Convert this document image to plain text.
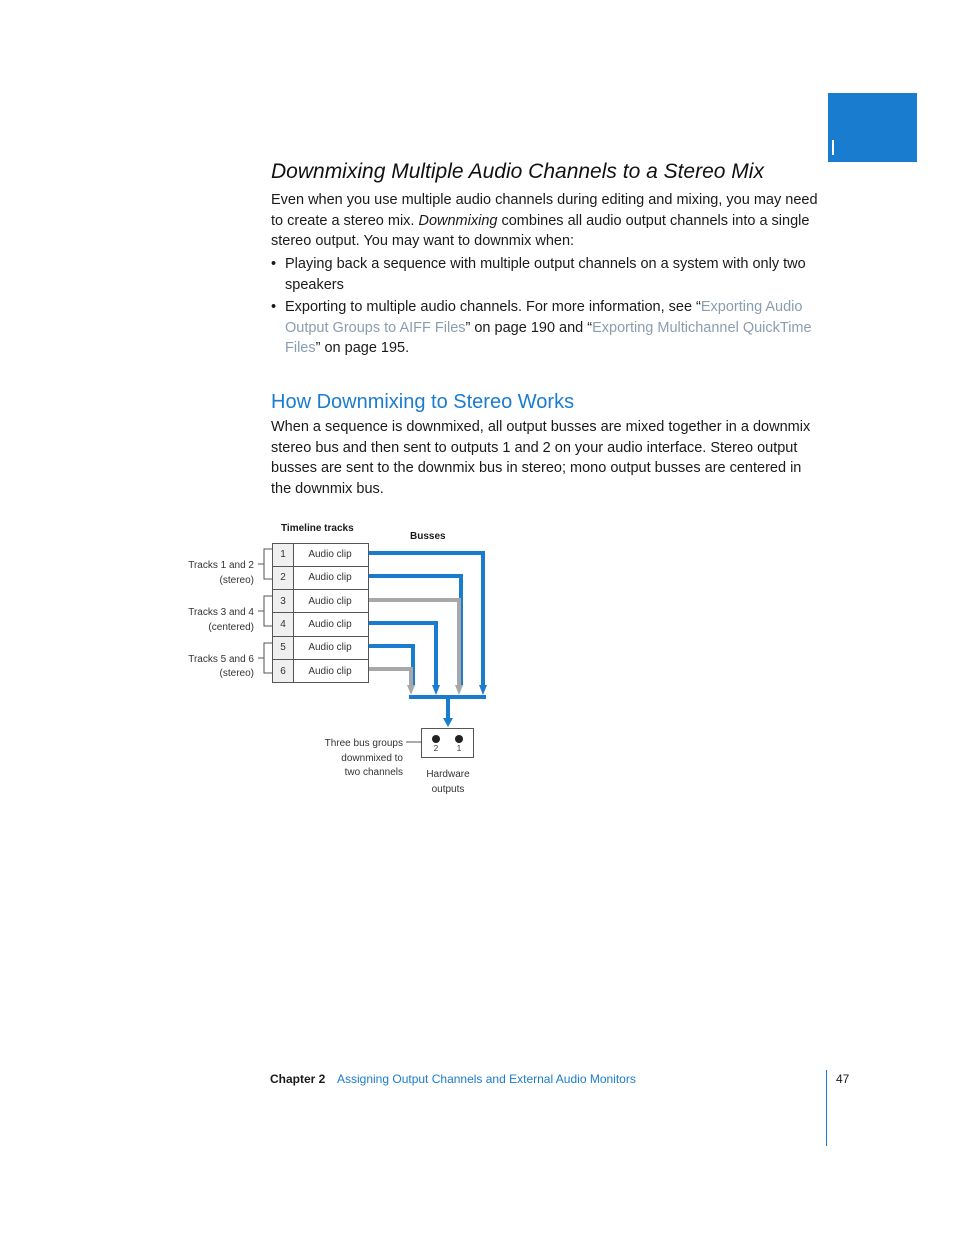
Downmixing Multiple Audio Channels to a Stereo Mix
Even when you use multiple audio channels during editing and mixing, you may need to create a stereo mix. Downmixing combines all audio output channels into a single stereo output. You may want to downmix when:
• Playing back a sequence with multiple output channels on a system with only two speakers
• Exporting to multiple audio channels. For more information, see “Exporting Audio Output Groups to AIFF Files” on page 190 and “Exporting Multichannel QuickTime Files” on page 195.
How Downmixing to Stereo Works
When a sequence is downmixed, all output busses are mixed together in a downmix stereo bus and then sent to outputs 1 and 2 on your audio interface. Stereo output busses are sent to the downmix bus in stereo; mono output busses are centered in the downmix bus.
Timeline tracks
Busses
1 Audio clip
2 Audio clip
3 Audio clip
4 Audio clip
5 Audio clip
6 Audio clip
Tracks 1 and 2
(stereo)
Tracks 3 and 4
(centered)
Tracks 5 and 6
(stereo)
2 1
Three bus groups
downmixed to
two channels Hardware
outputs
Chapter 2 Assigning Output Channels and External Audio Monitors	47
